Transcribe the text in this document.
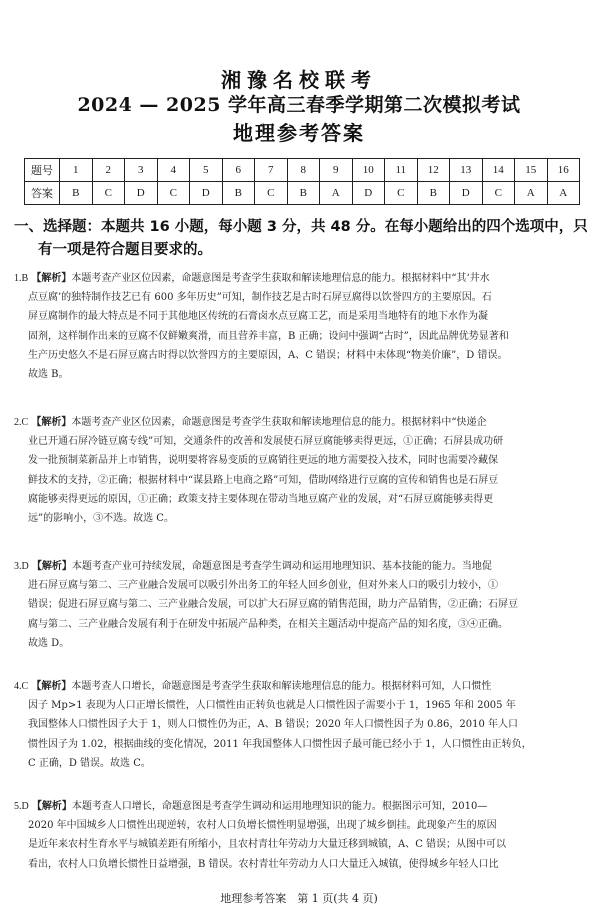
湘豫名校联考
2024 — 2025 学年高三春季学期第二次模拟考试
地理参考答案
题号	1	2	3	4	5	6	7	8	9	10	11	12	13	14	15	16
答案	B	C	D	C	D	B	C	B	A	D	C	B	D	C	A	A
一、选择题：本题共 16 小题，每小题 3 分，共 48 分。在每小题给出的四个选项中，只
有一项是符合题目要求的。
1.B 【解析】本题考查产业区位因素，命题意图是考查学生获取和解读地理信息的能力。根据材料中“其‘井水
点豆腐’的独特制作技艺已有 600 多年历史”可知，制作技艺是古时石屏豆腐得以饮誉四方的主要原因。石
屏豆腐制作的最大特点是不同于其他地区传统的石膏卤水点豆腐工艺，而是采用当地特有的地下水作为凝
固剂，这样制作出来的豆腐不仅鲜嫩爽滑，而且营养丰富，B 正确；设问中强调“古时”，因此品牌优势显著和
生产历史悠久不是石屏豆腐古时得以饮誉四方的主要原因，A、C 错误；材料中未体现“物美价廉”，D 错误。
故选 B。
2.C 【解析】本题考查产业区位因素，命题意图是考查学生获取和解读地理信息的能力。根据材料中“快递企
业已开通石屏冷链豆腐专线”可知，交通条件的改善和发展使石屏豆腐能够卖得更远，①正确；石屏县成功研
发一批预制菜新品并上市销售，说明要将容易变质的豆腐销往更远的地方需要投入技术，同时也需要冷藏保
鲜技术的支持，②正确；根据材料中“谋县路上电商之路”可知，借助网络进行豆腐的宣传和销售也是石屏豆
腐能够卖得更远的原因，①正确；政策支持主要体现在带动当地豆腐产业的发展，对“石屏豆腐能够卖得更
远”的影响小，③不选。故选 C。
3.D 【解析】本题考查产业可持续发展，命题意图是考查学生调动和运用地理知识、基本技能的能力。当地促
进石屏豆腐与第二、三产业融合发展可以吸引外出务工的年轻人回乡创业，但对外来人口的吸引力较小，①
错误；促进石屏豆腐与第二、三产业融合发展，可以扩大石屏豆腐的销售范围，助力产品销售，②正确；石屏豆
腐与第二、三产业融合发展有利于在研发中拓展产品种类，在相关主题活动中提高产品的知名度，③④正确。
故选 D。
4.C 【解析】本题考查人口增长，命题意图是考查学生获取和解读地理信息的能力。根据材料可知，人口惯性
因子 Mp>1 表现为人口正增长惯性，人口惯性由正转负也就是人口惯性因子需要小于 1，1965 年和 2005 年
我国整体人口惯性因子大于 1，则人口惯性仍为正，A、B 错误；2020 年人口惯性因子为 0.86，2010 年人口
惯性因子为 1.02，根据曲线的变化情况，2011 年我国整体人口惯性因子最可能已经小于 1，人口惯性由正转负，
C 正确，D 错误。故选 C。
5.D 【解析】本题考查人口增长，命题意图是考查学生调动和运用地理知识的能力。根据图示可知，2010—
2020 年中国城乡人口惯性出现逆转，农村人口负增长惯性明显增强，出现了城乡倒挂。此现象产生的原因
是近年来农村生育水平与城镇差距有所缩小，且农村青壮年劳动力大量迁移到城镇，A、C 错误；从图中可以
看出，农村人口负增长惯性日益增强，B 错误。农村青壮年劳动力人口大量迁入城镇，使得城乡年轻人口比
地理参考答案　第 1 页(共 4 页)
